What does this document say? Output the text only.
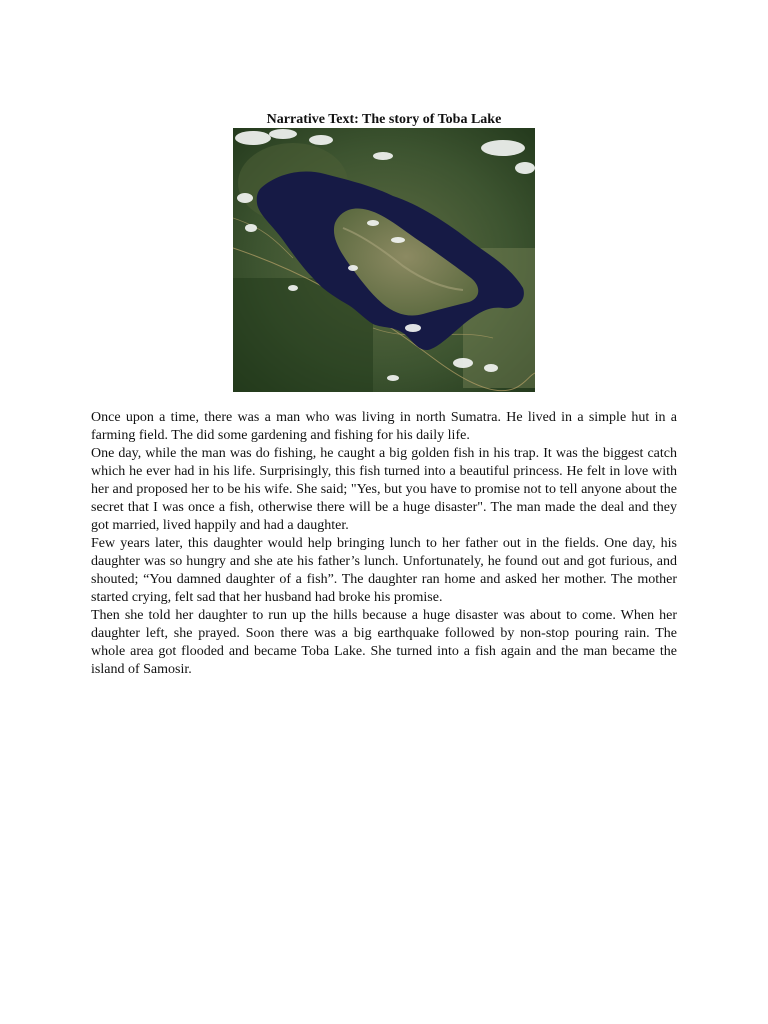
Narrative Text: The story of Toba Lake

Once upon a time, there was a man who was living in north Sumatra. He lived in a simple hut in a farming field. The did some gardening and fishing for his daily life.

One day, while the man was do fishing, he caught a big golden fish in his trap. It was the biggest catch which he ever had in his life. Surprisingly, this fish turned into a beautiful princess. He felt in love with her and proposed her to be his wife. She said; "Yes, but you have to promise not to tell anyone about the secret that I was once a fish, otherwise there will be a huge disaster". The man made the deal and they got married, lived happily and had a daughter.

Few years later, this daughter would help bringing lunch to her father out in the fields. One day, his daughter was so hungry and she ate his father’s lunch. Unfortunately, he found out and got furious, and shouted; “You damned daughter of a fish”. The daughter ran home and asked her mother. The mother started crying, felt sad that her husband had broke his promise.

Then she told her daughter to run up the hills because a huge disaster was about to come. When her daughter left, she prayed. Soon there was a big earthquake followed by non-stop pouring rain. The whole area got flooded and became Toba Lake. She turned into a fish again and the man became the island of Samosir.
